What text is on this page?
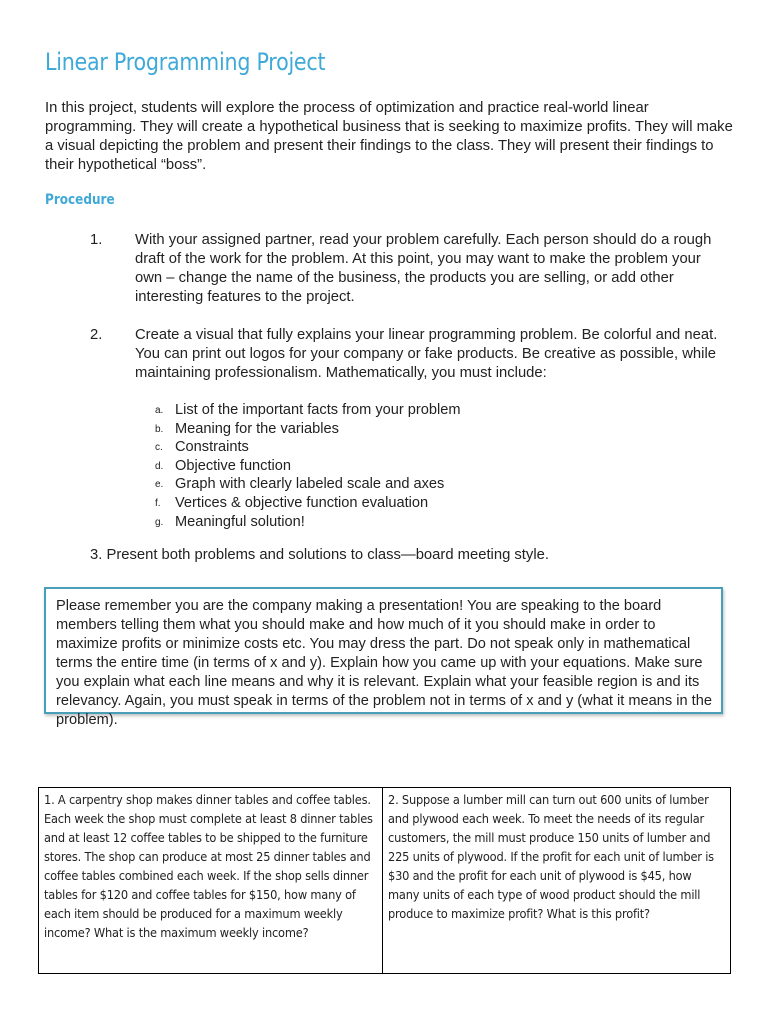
Linear Programming Project
In this project, students will explore the process of optimization and practice real-world linear programming. They will create a hypothetical business that is seeking to maximize profits. They will make a visual depicting the problem and present their findings to the class. They will present their findings to their hypothetical “boss”.
Procedure
1. With your assigned partner, read your problem carefully. Each person should do a rough draft of the work for the problem. At this point, you may want to make the problem your own – change the name of the business, the products you are selling, or add other interesting features to the project.
2. Create a visual that fully explains your linear programming problem. Be colorful and neat. You can print out logos for your company or fake products. Be creative as possible, while maintaining professionalism. Mathematically, you must include:
a. List of the important facts from your problem
b. Meaning for the variables
c. Constraints
d. Objective function
e. Graph with clearly labeled scale and axes
f. Vertices & objective function evaluation
g. Meaningful solution!
3. Present both problems and solutions to class—board meeting style.

Please remember you are the company making a presentation! You are speaking to the board members telling them what you should make and how much of it you should make in order to maximize profits or minimize costs etc. You may dress the part. Do not speak only in mathematical terms the entire time (in terms of x and y). Explain how you came up with your equations. Make sure you explain what each line means and why it is relevant. Explain what your feasible region is and its relevancy. Again, you must speak in terms of the problem not in terms of x and y (what it means in the problem).

1. A carpentry shop makes dinner tables and coffee tables. Each week the shop must complete at least 8 dinner tables and at least 12 coffee tables to be shipped to the furniture stores. The shop can produce at most 25 dinner tables and coffee tables combined each week. If the shop sells dinner tables for $120 and coffee tables for $150, how many of each item should be produced for a maximum weekly income? What is the maximum weekly income?

2. Suppose a lumber mill can turn out 600 units of lumber and plywood each week. To meet the needs of its regular customers, the mill must produce 150 units of lumber and 225 units of plywood. If the profit for each unit of lumber is $30 and the profit for each unit of plywood is $45, how many units of each type of wood product should the mill produce to maximize profit? What is this profit?
